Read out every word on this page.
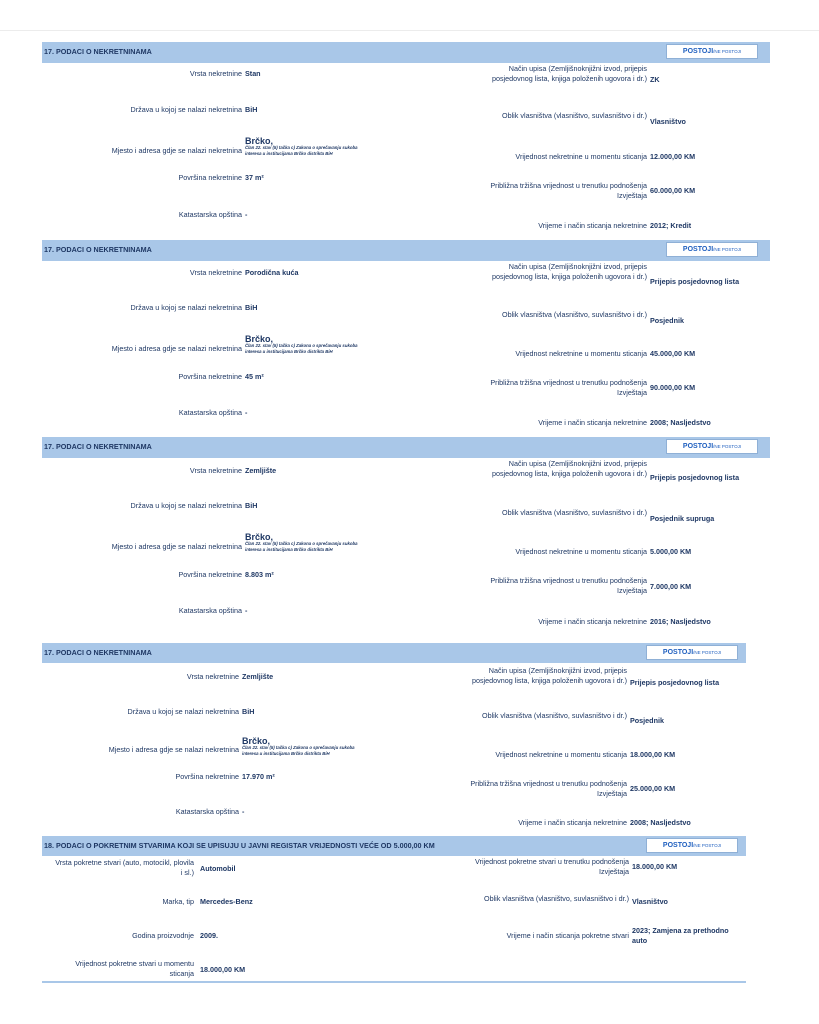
17. PODACI O NEKRETNINAMA	POSTOJI /NE POSTOJI
Vrsta nekretnine Stan
Država u kojoj se nalazi nekretnina BiH
Mjesto i adresa gdje se nalazi nekretnina
Brčko,
Član 22. stav (5) tačka c) Zakona o sprečavanju sukoba interesa u institucijama Brčko distrikta BiH
Površina nekretnine 37 m²
Katastarska opština -
Način upisa (Zemljišnoknjižni izvod, prijepis posjedovnog lista, knjiga položenih ugovora i dr.) ZK
Oblik vlasništva (vlasništvo, suvlasništvo i dr.)
Vlasništvo
Vrijednost nekretnine u momentu sticanja 12.000,00 KM
Približna tržišna vrijednost u trenutku podnošenja Izvještaja
60.000,00 KM
Vrijeme i način sticanja nekretnine 2012; Kredit
17. PODACI O NEKRETNINAMA	POSTOJI /NE POSTOJI
Vrsta nekretnine Porodična kuća
Država u kojoj se nalazi nekretnina BiH
Mjesto i adresa gdje se nalazi nekretnina
Brčko,
Član 22. stav (5) tačka c) Zakona o sprečavanju sukoba interesa u institucijama Brčko distrikta BiH
Površina nekretnine 45 m²
Katastarska opština -
Način upisa (Zemljišnoknjižni izvod, prijepis posjedovnog lista, knjiga položenih ugovora i dr.)
Prijepis posjedovnog lista
Oblik vlasništva (vlasništvo, suvlasništvo i dr.)
Posjednik
Vrijednost nekretnine u momentu sticanja 45.000,00 KM
Približna tržišna vrijednost u trenutku podnošenja Izvještaja
90.000,00 KM
Vrijeme i način sticanja nekretnine 2008; Nasljedstvo
17. PODACI O NEKRETNINAMA	POSTOJI /NE POSTOJI
Vrsta nekretnine Zemljište
Država u kojoj se nalazi nekretnina BiH
Mjesto i adresa gdje se nalazi nekretnina
Brčko,
Član 22. stav (5) tačka c) Zakona o sprečavanju sukoba interesa u institucijama Brčko distrikta BiH
Površina nekretnine 8.803 m²
Katastarska opština -
Način upisa (Zemljišnoknjižni izvod, prijepis posjedovnog lista, knjiga položenih ugovora i dr.) Prijepis posjedovnog lista
Oblik vlasništva (vlasništvo, suvlasništvo i dr.)
Posjednik supruga
Vrijednost nekretnine u momentu sticanja 5.000,00 KM
Približna tržišna vrijednost u trenutku podnošenja Izvještaja 7.000,00 KM
Vrijeme i način sticanja nekretnine 2016; Nasljedstvo
17. PODACI O NEKRETNINAMA	POSTOJI /NE POSTOJI
Vrsta nekretnine Zemljište
Država u kojoj se nalazi nekretnina BiH
Mjesto i adresa gdje se nalazi nekretnina
Brčko,
Član 22. stav (5) tačka c) Zakona o sprečavanju sukoba interesa u institucijama Brčko distrikta BiH
Površina nekretnine 17.970 m²
Katastarska opština -
Način upisa (Zemljišnoknjižni izvod, prijepis posjedovnog lista, knjiga položenih ugovora i dr.) Prijepis posjedovnog lista
Oblik vlasništva (vlasništvo, suvlasništvo i dr.)
Posjednik
Vrijednost nekretnine u momentu sticanja 18.000,00 KM
Približna tržišna vrijednost u trenutku podnošenja Izvještaja
25.000,00 KM
Vrijeme i način sticanja nekretnine 2008; Nasljedstvo
18. PODACI O POKRETNIM STVARIMA KOJI SE UPISUJU U JAVNI REGISTAR VRIJEDNOSTI VEĆE OD 5.000,00 KM	POSTOJI /NE POSTOJI
Vrsta pokretne stvari (auto, motocikl, plovila i sl.) Automobil
Marka, tip Mercedes-Benz
Godina proizvodnje 2009.
Vrijednost pokretne stvari u momentu sticanja 18.000,00 KM
Vrijednost pokretne stvari u trenutku podnošenja Izvještaja
18.000,00 KM
Oblik vlasništva (vlasništvo, suvlasništvo i dr.) Vlasništvo
Vrijeme i način sticanja pokretne stvari
2023; Zamjena za prethodno auto
